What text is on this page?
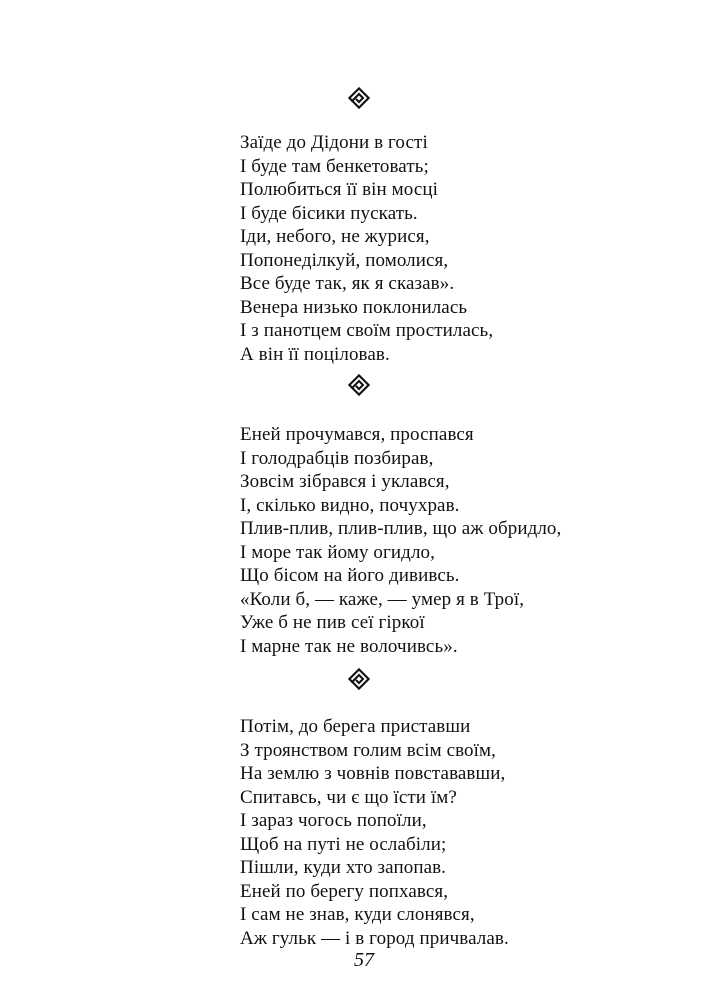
Заїде до Дідони в гості
І буде там бенкетовать;
Полюбиться її він мосці
І буде бісики пускать.
Іди, небого, не журися,
Попонеділкуй, помолися,
Все буде так, як я сказав».
Венера низько поклонилась
І з панотцем своїм простилась,
А він її поціловав.
Еней прочумався, проспався
І голодрабців позбирав,
Зовсім зібрався і уклався,
І, скілько видно, почухрав.
Плив-плив, плив-плив, що аж обридло,
І море так йому огидло,
Що бісом на його дививсь.
«Коли б, — каже, — умер я в Трої,
Уже б не пив сеї гіркої
І марне так не волочивсь».
Потім, до берега приставши
З троянством голим всім своїм,
На землю з човнів повстававши,
Спитавсь, чи є що їсти їм?
І зараз чогось попоїли,
Щоб на путі не ослабіли;
Пішли, куди хто запопав.
Еней по берегу попхався,
І сам не знав, куди слонявся,
Аж гульк — і в город причвалав.
57
